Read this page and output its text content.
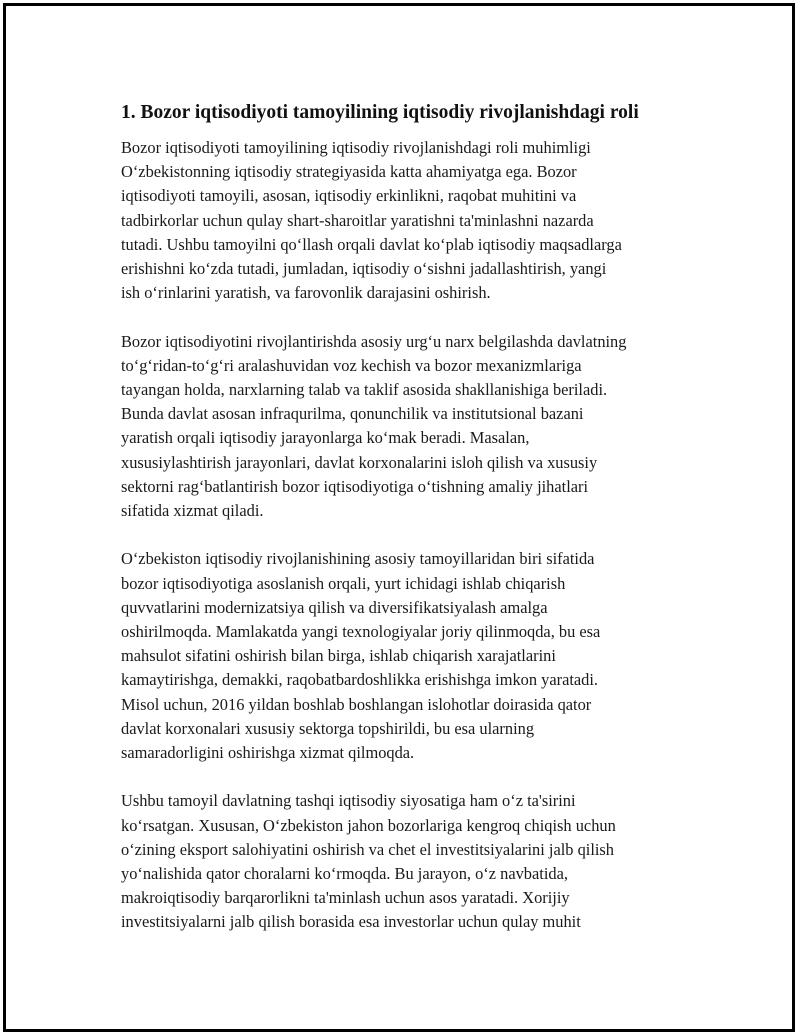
1. Bozor iqtisodiyoti tamoyilining iqtisodiy rivojlanishdagi roli

Bozor iqtisodiyoti tamoyilining iqtisodiy rivojlanishdagi roli muhimligi
O‘zbekistonning iqtisodiy strategiyasida katta ahamiyatga ega. Bozor
iqtisodiyoti tamoyili, asosan, iqtisodiy erkinlikni, raqobat muhitini va
tadbirkorlar uchun qulay shart-sharoitlar yaratishni ta'minlashni nazarda
tutadi. Ushbu tamoyilni qo‘llash orqali davlat ko‘plab iqtisodiy maqsadlarga
erishishni ko‘zda tutadi, jumladan, iqtisodiy o‘sishni jadallashtirish, yangi
ish o‘rinlarini yaratish, va farovonlik darajasini oshirish.

Bozor iqtisodiyotini rivojlantirishda asosiy urg‘u narx belgilashda davlatning
to‘g‘ridan-to‘g‘ri aralashuvidan voz kechish va bozor mexanizmlariga
tayangan holda, narxlarning talab va taklif asosida shakllanishiga beriladi.
Bunda davlat asosan infraqurilma, qonunchilik va institutsional bazani
yaratish orqali iqtisodiy jarayonlarga ko‘mak beradi. Masalan,
xususiylashtirish jarayonlari, davlat korxonalarini isloh qilish va xususiy
sektorni rag‘batlantirish bozor iqtisodiyotiga o‘tishning amaliy jihatlari
sifatida xizmat qiladi.

O‘zbekiston iqtisodiy rivojlanishining asosiy tamoyillaridan biri sifatida
bozor iqtisodiyotiga asoslanish orqali, yurt ichidagi ishlab chiqarish
quvvatlarini modernizatsiya qilish va diversifikatsiyalash amalga
oshirilmoqda. Mamlakatda yangi texnologiyalar joriy qilinmoqda, bu esa
mahsulot sifatini oshirish bilan birga, ishlab chiqarish xarajatlarini
kamaytirishga, demakki, raqobatbardoshlikka erishishga imkon yaratadi.
Misol uchun, 2016 yildan boshlab boshlangan islohotlar doirasida qator
davlat korxonalari xususiy sektorga topshirildi, bu esa ularning
samaradorligini oshirishga xizmat qilmoqda.

Ushbu tamoyil davlatning tashqi iqtisodiy siyosatiga ham o‘z ta'sirini
ko‘rsatgan. Xususan, O‘zbekiston jahon bozorlariga kengroq chiqish uchun
o‘zining eksport salohiyatini oshirish va chet el investitsiyalarini jalb qilish
yo‘nalishida qator choralarni ko‘rmoqda. Bu jarayon, o‘z navbatida,
makroiqtisodiy barqarorlikni ta'minlash uchun asos yaratadi. Xorijiy
investitsiyalarni jalb qilish borasida esa investorlar uchun qulay muhit
